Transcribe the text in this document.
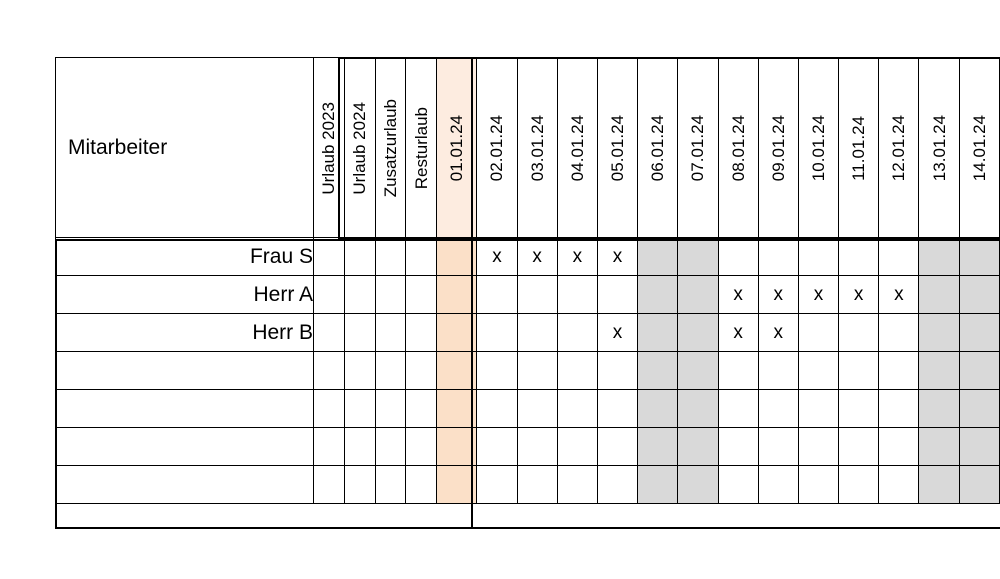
Mitarbeiter	Urlaub 2023	Urlaub 2024	Zusatzurlaub	Resturlaub	01.01.24	02.01.24	03.01.24	04.01.24	05.01.24	06.01.24	07.01.24	08.01.24	09.01.24	10.01.24	11.01.24	12.01.24	13.01.24	14.01.24
Frau S						x	x	x	x									
Herr A												x	x	x	x	x		
Herr B									x			x	x					
